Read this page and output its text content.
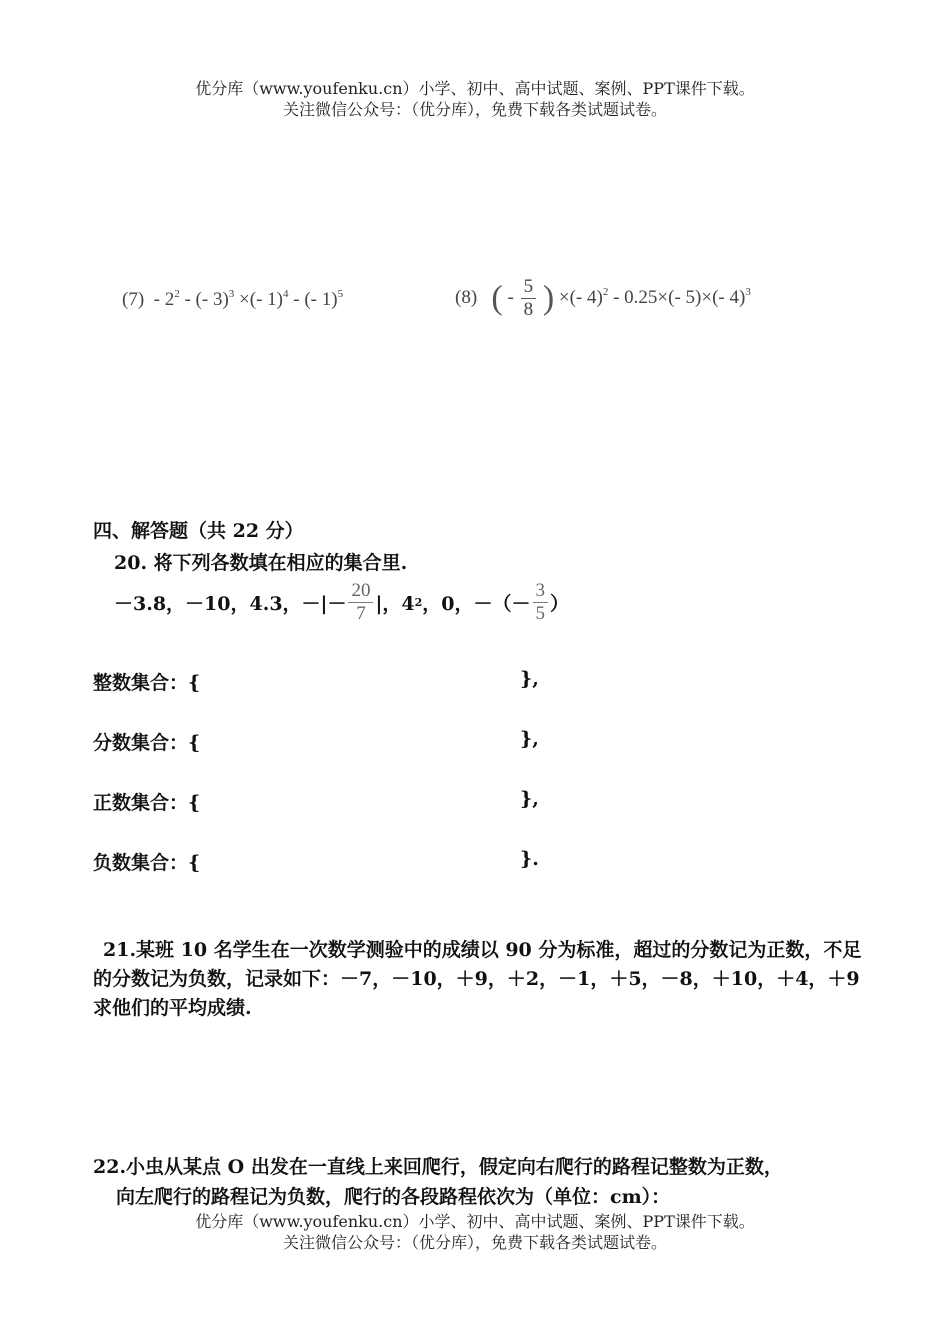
优分库（www.youfenku.cn）小学、初中、高中试题、案例、PPT课件下载。
关注微信公众号：（优分库），免费下载各类试题试卷。
$(7) - 2^2$ - (- 3)$^3$ ×(- 1)$^4$ - (- 1)$^5$	(8) ( - $\frac{5}{8}$ ) ×(- 4)$^2$ - 0.25×(- 5)×(- 4)$^3$
四、解答题（共 22 分）
20. 将下列各数填在相应的集合里.
－3.8，－10，4.3，－|－ $\frac{20}{7}$ |，4 2 ，0，－（－ $\frac{3}{5}$ ）
整数集合：{	},
分数集合：{	},
正数集合：{	},
负数集合：{	}.
21.某班 10 名学生在一次数学测验中的成绩以 90 分为标准，超过的分数记为正数，不足的分数记为负数，记录如下：－7，－10，＋9，＋2，－1，＋5，－8，＋10，＋4，＋9 求他们的平均成绩.
22.小虫从某点 O 出发在一直线上来回爬行，假定向右爬行的路程记整数为正数，
向左爬行的路程记为负数，爬行的各段路程依次为（单位：cm）：
优分库（www.youfenku.cn）小学、初中、高中试题、案例、PPT课件下载。
关注微信公众号：（优分库），免费下载各类试题试卷。
